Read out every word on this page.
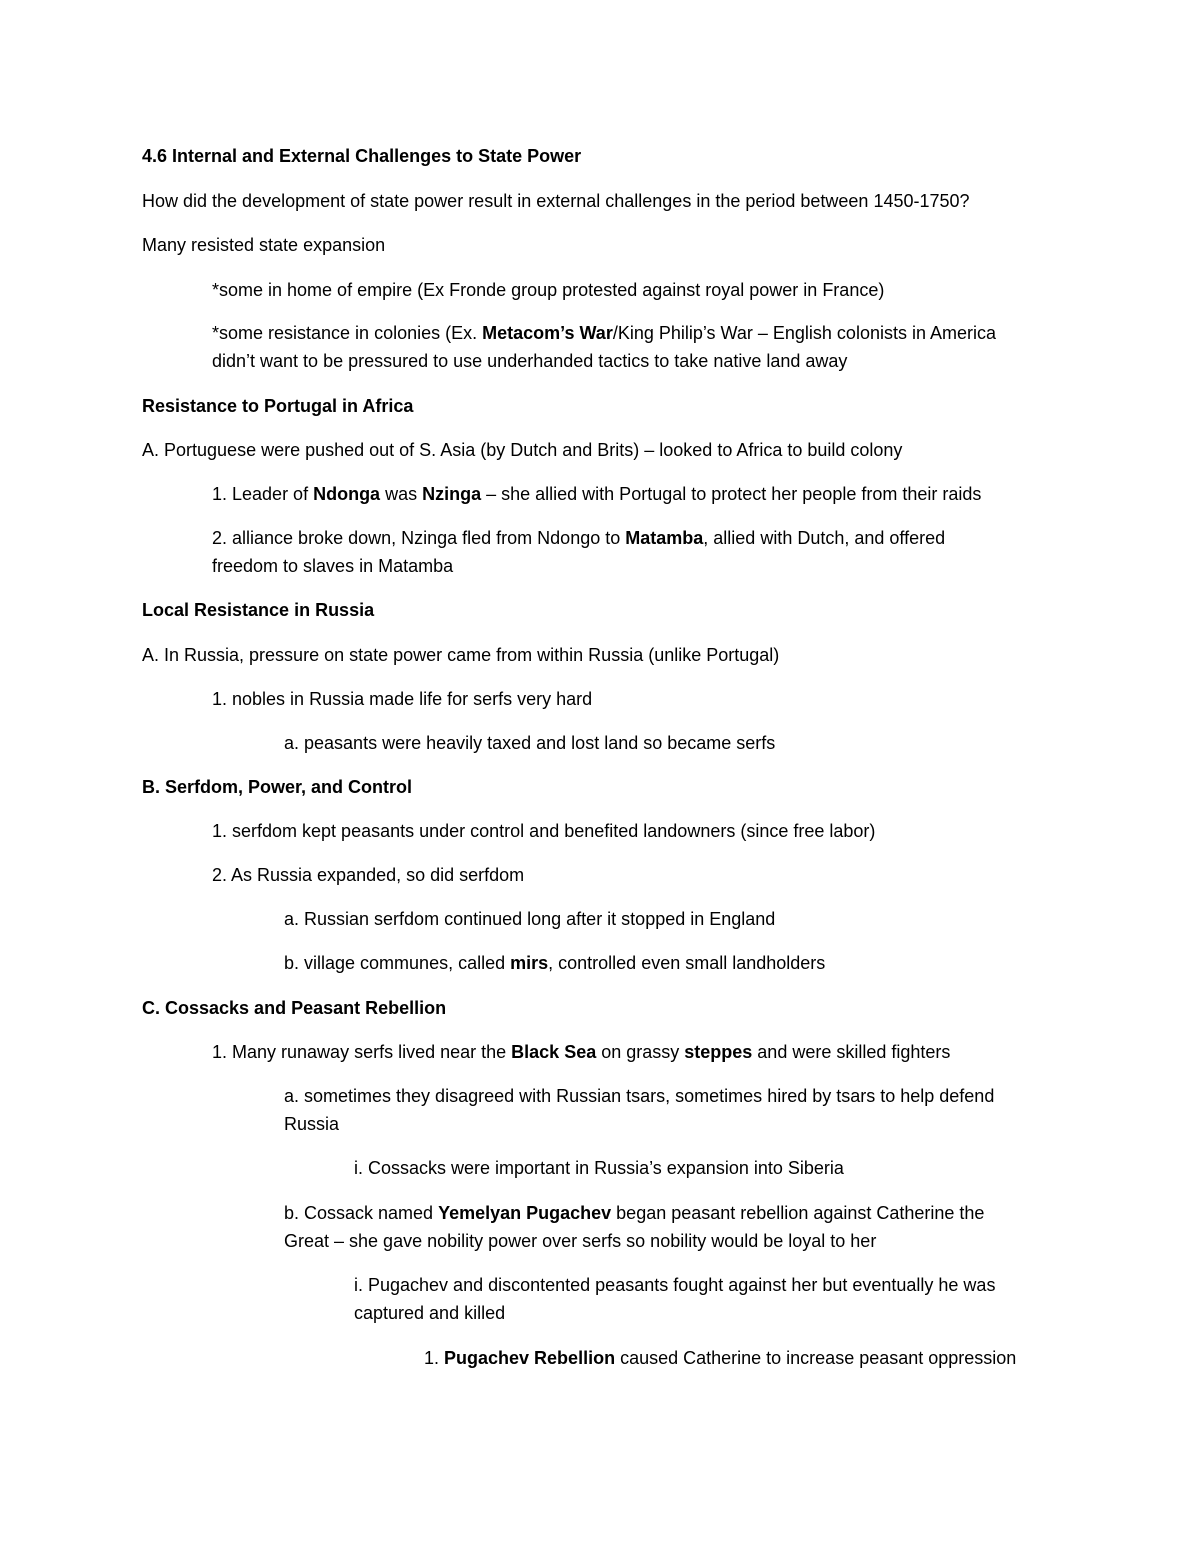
4.6 Internal and External Challenges to State Power
How did the development of state power result in external challenges in the period between 1450-1750?
Many resisted state expansion
*some in home of empire (Ex Fronde group protested against royal power in France)
*some resistance in colonies (Ex. Metacom’s War/King Philip’s War – English colonists in America
didn’t want to be pressured to use underhanded tactics to take native land away
Resistance to Portugal in Africa
A. Portuguese were pushed out of S. Asia (by Dutch and Brits) – looked to Africa to build colony
1. Leader of Ndonga was Nzinga – she allied with Portugal to protect her people from their raids
2. alliance broke down, Nzinga fled from Ndongo to Matamba, allied with Dutch, and offered
freedom to slaves in Matamba
Local Resistance in Russia
A. In Russia, pressure on state power came from within Russia (unlike Portugal)
1. nobles in Russia made life for serfs very hard
a. peasants were heavily taxed and lost land so became serfs
B. Serfdom, Power, and Control
1. serfdom kept peasants under control and benefited landowners (since free labor)
2. As Russia expanded, so did serfdom
a. Russian serfdom continued long after it stopped in England
b. village communes, called mirs, controlled even small landholders
C. Cossacks and Peasant Rebellion
1. Many runaway serfs lived near the Black Sea on grassy steppes and were skilled fighters
a. sometimes they disagreed with Russian tsars, sometimes hired by tsars to help defend
Russia
i. Cossacks were important in Russia’s expansion into Siberia
b. Cossack named Yemelyan Pugachev began peasant rebellion against Catherine the
Great – she gave nobility power over serfs so nobility would be loyal to her
i. Pugachev and discontented peasants fought against her but eventually he was
captured and killed
1. Pugachev Rebellion caused Catherine to increase peasant oppression
